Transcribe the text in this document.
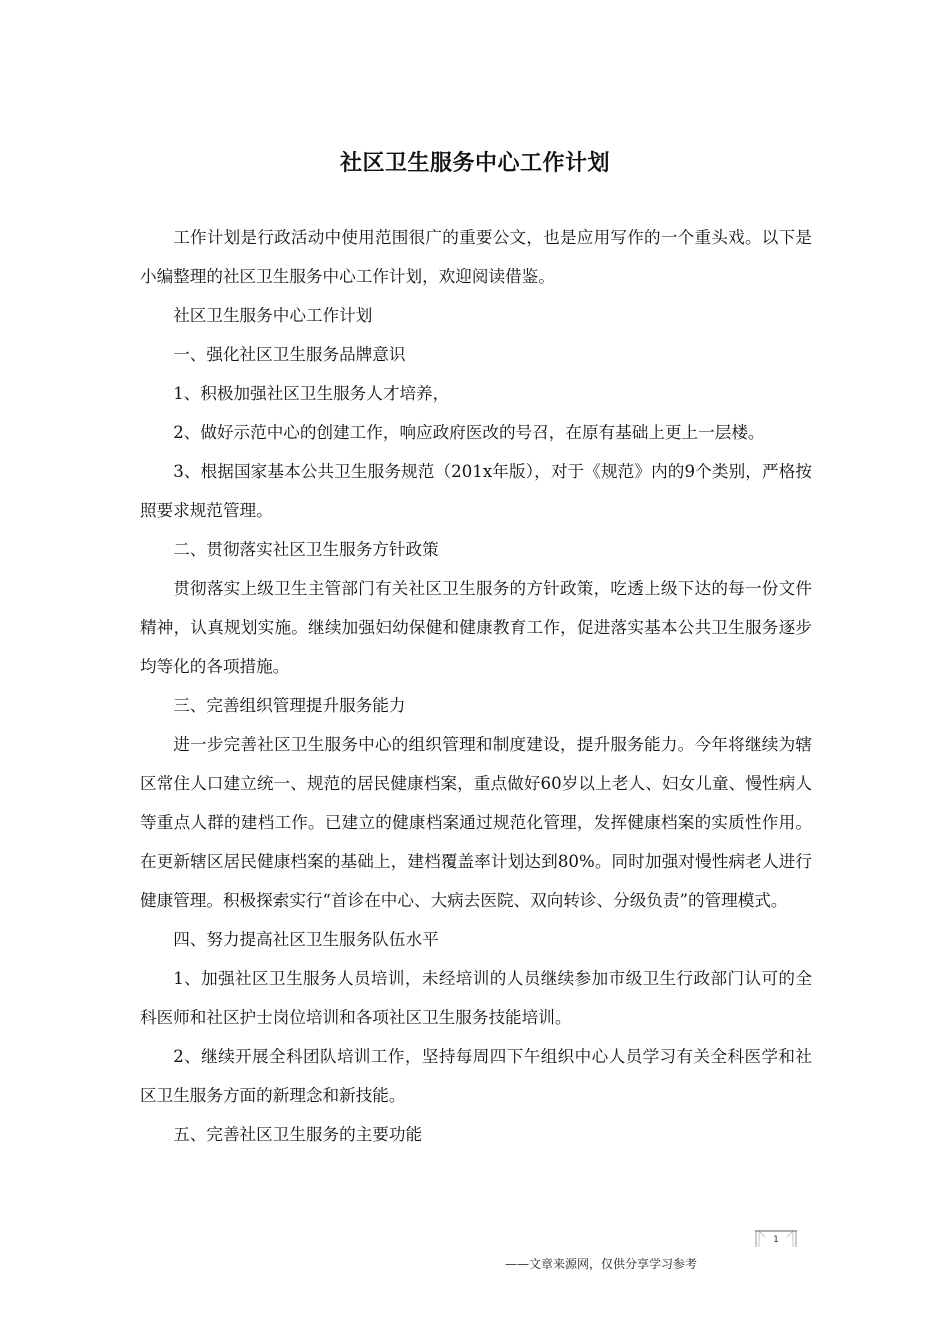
社区卫生服务中心工作计划

工作计划是行政活动中使用范围很广的重要公文，也是应用写作的一个重头戏。以下是小编整理的社区卫生服务中心工作计划，欢迎阅读借鉴。

社区卫生服务中心工作计划

一、强化社区卫生服务品牌意识

1、积极加强社区卫生服务人才培养，

2、做好示范中心的创建工作，响应政府医改的号召，在原有基础上更上一层楼。

3、根据国家基本公共卫生服务规范（201x年版），对于《规范》内的9个类别，严格按照要求规范管理。

二、贯彻落实社区卫生服务方针政策

贯彻落实上级卫生主管部门有关社区卫生服务的方针政策，吃透上级下达的每一份文件精神，认真规划实施。继续加强妇幼保健和健康教育工作，促进落实基本公共卫生服务逐步均等化的各项措施。

三、完善组织管理提升服务能力

进一步完善社区卫生服务中心的组织管理和制度建设，提升服务能力。今年将继续为辖区常住人口建立统一、规范的居民健康档案，重点做好60岁以上老人、妇女儿童、慢性病人等重点人群的建档工作。已建立的健康档案通过规范化管理，发挥健康档案的实质性作用。在更新辖区居民健康档案的基础上，建档覆盖率计划达到80%。同时加强对慢性病老人进行健康管理。积极探索实行“首诊在中心、大病去医院、双向转诊、分级负责”的管理模式。

四、努力提高社区卫生服务队伍水平

1、加强社区卫生服务人员培训，未经培训的人员继续参加市级卫生行政部门认可的全科医师和社区护士岗位培训和各项社区卫生服务技能培训。

2、继续开展全科团队培训工作，坚持每周四下午组织中心人员学习有关全科医学和社区卫生服务方面的新理念和新技能。

五、完善社区卫生服务的主要功能

1
——文章来源网，仅供分享学习参考
